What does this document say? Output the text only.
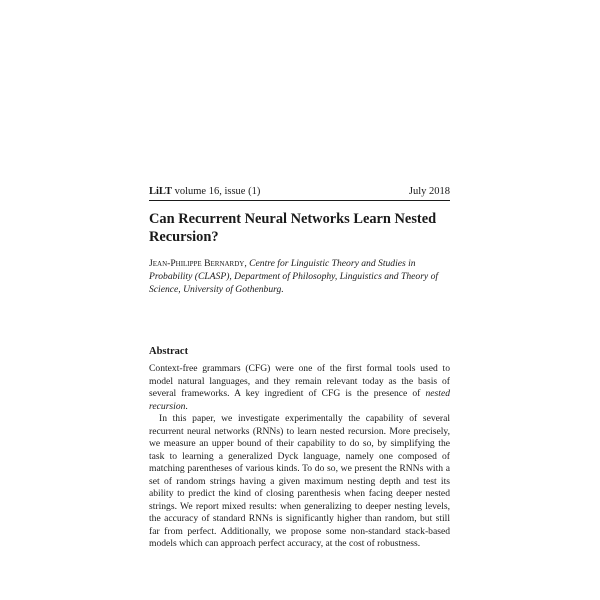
LiLT volume 16, issue (1)	July 2018
Can Recurrent Neural Networks Learn Nested Recursion?
Jean-Philippe Bernardy, Centre for Linguistic Theory and Studies in Probability (CLASP), Department of Philosophy, Linguistics and Theory of Science, University of Gothenburg.
Abstract

Context-free grammars (CFG) were one of the first formal tools used to model natural languages, and they remain relevant today as the basis of several frameworks. A key ingredient of CFG is the presence of nested recursion.

In this paper, we investigate experimentally the capability of several recurrent neural networks (RNNs) to learn nested recursion. More precisely, we measure an upper bound of their capability to do so, by simplifying the task to learning a generalized Dyck language, namely one composed of matching parentheses of various kinds. To do so, we present the RNNs with a set of random strings having a given maximum nesting depth and test its ability to predict the kind of closing parenthesis when facing deeper nested strings. We report mixed results: when generalizing to deeper nesting levels, the accuracy of standard RNNs is significantly higher than random, but still far from perfect. Additionally, we propose some non-standard stack-based models which can approach perfect accuracy, at the cost of robustness.
